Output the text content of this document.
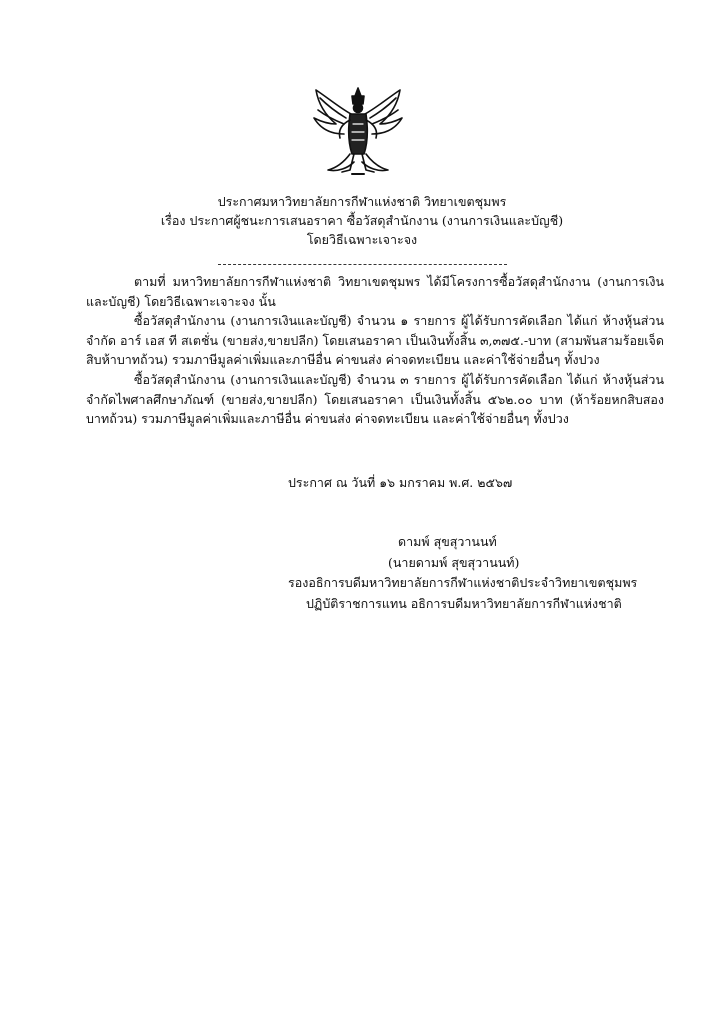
ประกาศมหาวิทยาลัยการกีฬาแห่งชาติ วิทยาเขตชุมพร
เรื่อง ประกาศผู้ชนะการเสนอราคา ซื้อวัสดุสำนักงาน (งานการเงินและบัญชี)
โดยวิธีเฉพาะเจาะจง

ตามที่ มหาวิทยาลัยการกีฬาแห่งชาติ วิทยาเขตชุมพร ได้มีโครงการซื้อวัสดุสำนักงาน (งานการเงินและบัญชี) โดยวิธีเฉพาะเจาะจง นั้น

ซื้อวัสดุสำนักงาน (งานการเงินและบัญชี) จำนวน ๑ รายการ ผู้ได้รับการคัดเลือก ได้แก่ ห้างหุ้นส่วนจำกัด อาร์ เอส ที สเตชั่น (ขายส่ง,ขายปลีก) โดยเสนอราคา เป็นเงินทั้งสิ้น ๓,๓๗๕.-บาท (สามพันสามร้อยเจ็ดสิบห้าบาทถ้วน) รวมภาษีมูลค่าเพิ่มและภาษีอื่น ค่าขนส่ง ค่าจดทะเบียน และค่าใช้จ่ายอื่นๆ ทั้งปวง

ซื้อวัสดุสำนักงาน (งานการเงินและบัญชี) จำนวน ๓ รายการ ผู้ได้รับการคัดเลือก ได้แก่ ห้างหุ้นส่วนจำกัดไพศาลศึกษาภัณฑ์ (ขายส่ง,ขายปลีก) โดยเสนอราคา เป็นเงินทั้งสิ้น ๕๖๒.๐๐ บาท (ห้าร้อยหกสิบสองบาทถ้วน) รวมภาษีมูลค่าเพิ่มและภาษีอื่น ค่าขนส่ง ค่าจดทะเบียน และค่าใช้จ่ายอื่นๆ ทั้งปวง

ประกาศ ณ วันที่ ๑๖ มกราคม พ.ศ. ๒๕๖๗
ดามพ์ สุขสุวานนท์
(นายดามพ์ สุขสุวานนท์)
รองอธิการบดีมหาวิทยาลัยการกีฬาแห่งชาติประจำวิทยาเขตชุมพร
ปฏิบัติราชการแทน อธิการบดีมหาวิทยาลัยการกีฬาแห่งชาติ
